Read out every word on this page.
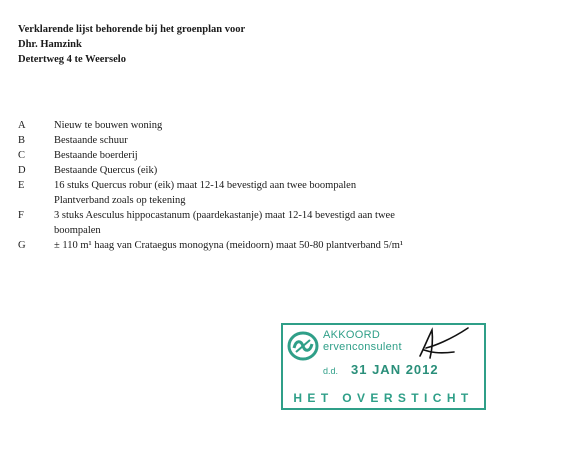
Verklarende lijst behorende bij het groenplan voor
Dhr. Hamzink
Detertweg 4 te Weerselo
A	Nieuw te bouwen woning
B	Bestaande schuur
C	Bestaande boerderij
D	Bestaande Quercus (eik)
E	16 stuks Quercus robur (eik) maat 12-14 bevestigd aan twee boompalen
Plantverband zoals op tekening
F	3 stuks Aesculus hippocastanum (paardekastanje) maat 12-14 bevestigd aan twee
boompalen
G	± 110 m¹ haag van Crataegus monogyna (meidoorn) maat 50-80 plantverband 5/m¹
AKKOORD
ervenconsulent
d.d. 31 JAN 2012
HET OVERSTICHT
